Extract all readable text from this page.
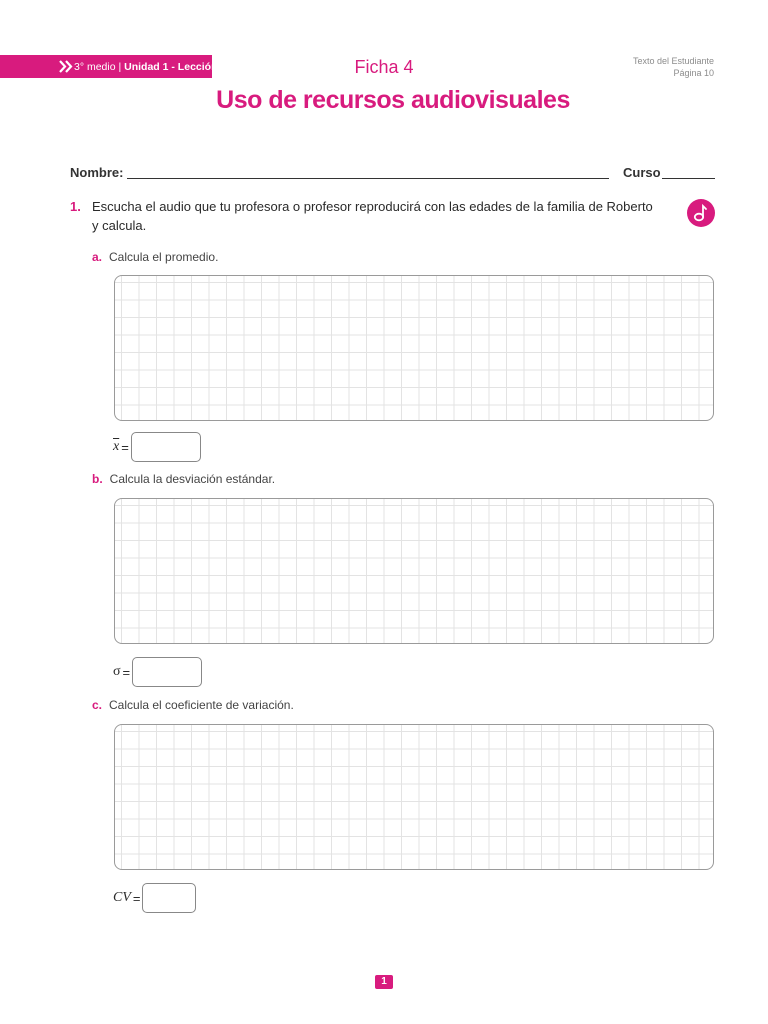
3° medio | Unidad 1 - Lección 1	Texto del Estudiante
Página 10
Ficha 4
Uso de recursos audiovisuales
Nombre:	Curso
1. Escucha el audio que tu profesora o profesor reproducirá con las edades de la familia de Roberto y calcula.
a. Calcula el promedio.
$\overline{x}$ =
b. Calcula la desviación estándar.
σ =
c. Calcula el coeficiente de variación.
CV =
1
